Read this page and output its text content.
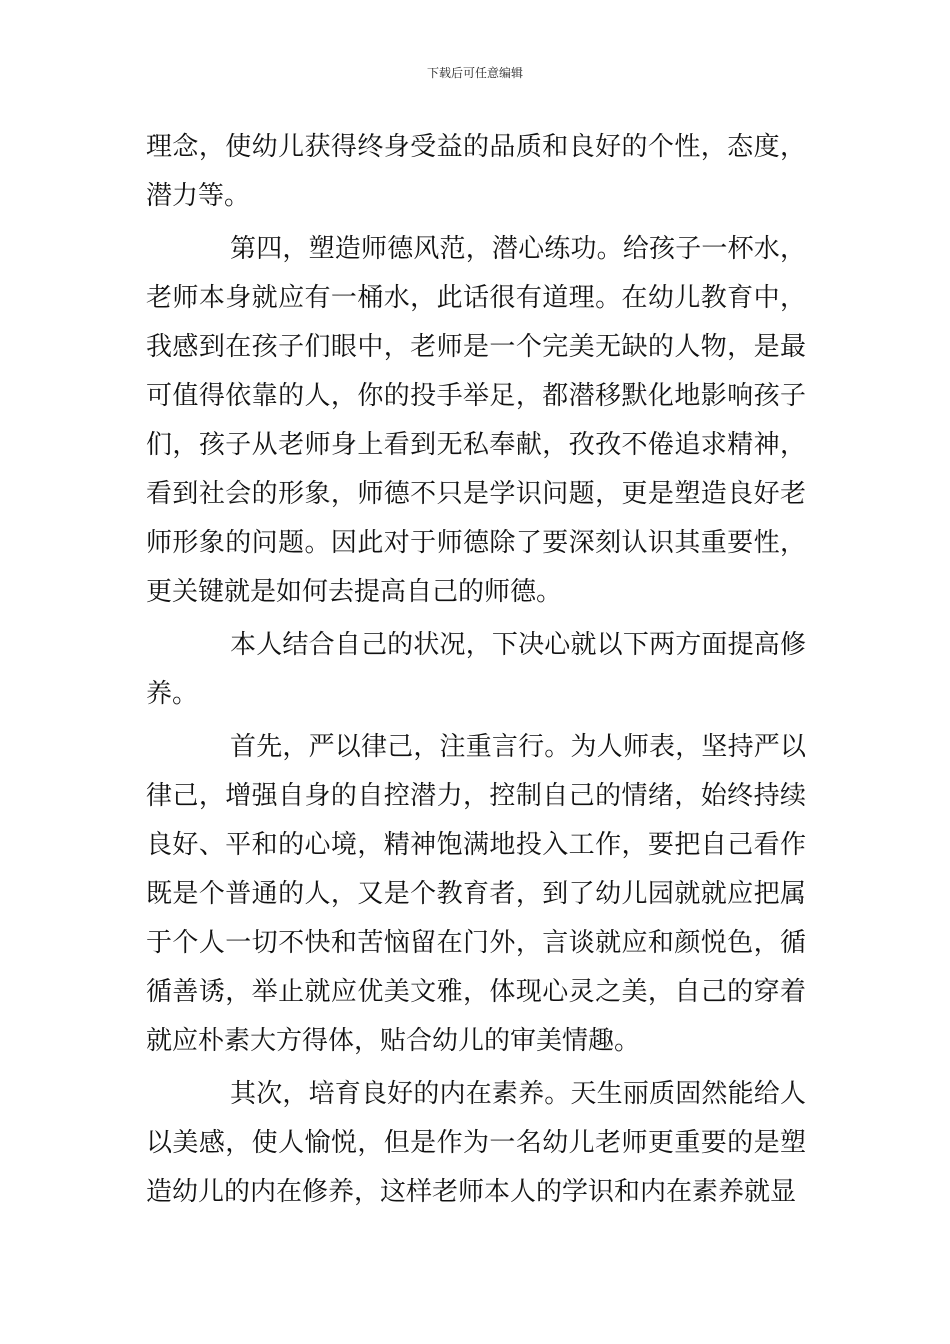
下载后可任意编辑

理念，使幼儿获得终身受益的品质和良好的个性，态度，潜力等。

第四，塑造师德风范，潜心练功。给孩子一杯水，老师本身就应有一桶水，此话很有道理。在幼儿教育中，我感到在孩子们眼中，老师是一个完美无缺的人物，是最可值得依靠的人，你的投手举足，都潜移默化地影响孩子们，孩子从老师身上看到无私奉献，孜孜不倦追求精神，看到社会的形象，师德不只是学识问题，更是塑造良好老师形象的问题。因此对于师德除了要深刻认识其重要性，更关键就是如何去提高自己的师德。

本人结合自己的状况，下决心就以下两方面提高修养。

首先，严以律己，注重言行。为人师表，坚持严以律己，增强自身的自控潜力，控制自己的情绪，始终持续良好、平和的心境，精神饱满地投入工作，要把自己看作既是个普通的人，又是个教育者，到了幼儿园就就应把属于个人一切不快和苦恼留在门外，言谈就应和颜悦色，循循善诱，举止就应优美文雅，体现心灵之美，自己的穿着就应朴素大方得体，贴合幼儿的审美情趣。

其次，培育良好的内在素养。天生丽质固然能给人以美感，使人愉悦，但是作为一名幼儿老师更重要的是塑造幼儿的内在修养，这样老师本人的学识和内在素养就显
